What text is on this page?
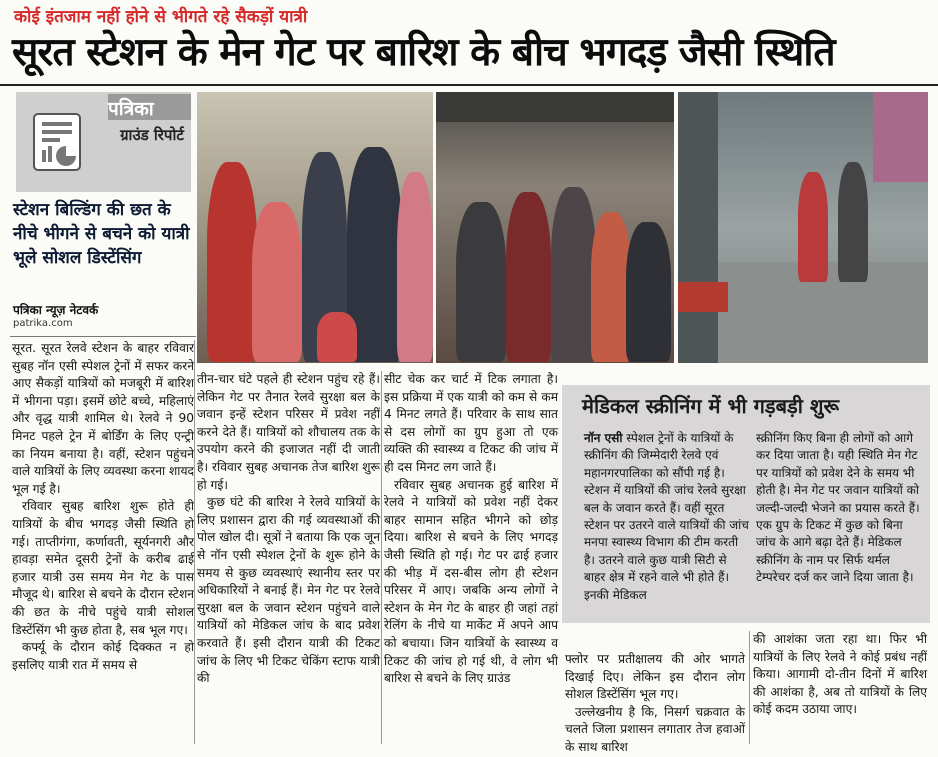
कोई इंतजाम नहीं होने से भीगते रहे सैकड़ों यात्री
सूरत स्टेशन के मेन गेट पर बारिश के बीच भगदड़ जैसी स्थिति
पत्रिका
ग्राउंड रिपोर्ट
स्टेशन बिल्डिंग की छत के नीचे भीगने से बचने को यात्री भूले सोशल डिस्टेंसिंग
पत्रिका न्यूज़ नेटवर्क
patrika.com

सूरत. सूरत रेलवे स्टेशन के बाहर रविवार सुबह नॉन एसी स्पेशल ट्रेनों में सफर करने आए सैकड़ों यात्रियों को मजबूरी में बारिश में भीगना पड़ा। इसमें छोटे बच्चे, महिलाएं और वृद्ध यात्री शामिल थे। रेलवे ने 90 मिनट पहले ट्रेन में बोर्डिंग के लिए एन्ट्री का नियम बनाया है। वहीं, स्टेशन पहुंचने वाले यात्रियों के लिए व्यवस्था करना शायद भूल गई है।

रविवार सुबह बारिश शुरू होते ही यात्रियों के बीच भगदड़ जैसी स्थिति हो गई। ताप्तीगंगा, कर्णावती, सूर्यनगरी और हावड़ा समेत दूसरी ट्रेनों के करीब ढाई हजार यात्री उस समय मेन गेट के पास मौजूद थे। बारिश से बचने के दौरान स्टेशन की छत के नीचे पहुंचे यात्री सोशल डिस्टेंसिंग भी कुछ होता है, सब भूल गए।

कर्फ्यू के दौरान कोई दिक्कत न हो इसलिए यात्री रात में समय से

तीन-चार घंटे पहले ही स्टेशन पहुंच रहे हैं। लेकिन गेट पर तैनात रेलवे सुरक्षा बल के जवान इन्हें स्टेशन परिसर में प्रवेश नहीं करने देते हैं। यात्रियों को शौचालय तक के उपयोग करने की इजाजत नहीं दी जाती है। रविवार सुबह अचानक तेज बारिश शुरू हो गई।

कुछ घंटे की बारिश ने रेलवे यात्रियों के लिए प्रशासन द्वारा की गई व्यवस्थाओं की पोल खोल दी। सूत्रों ने बताया कि एक जून से नॉन एसी स्पेशल ट्रेनों के शुरू होने के समय से कुछ व्यवस्थाएं स्थानीय स्तर पर अधिकारियों ने बनाई हैं। मेन गेट पर रेलवे सुरक्षा बल के जवान स्टेशन पहुंचने वाले यात्रियों को मेडिकल जांच के बाद प्रवेश करवाते हैं। इसी दौरान यात्री की टिकट जांच के लिए भी टिकट चेकिंग स्टाफ यात्री की

सीट चेक कर चार्ट में टिक लगाता है। इस प्रक्रिया में एक यात्री को कम से कम 4 मिनट लगते हैं। परिवार के साथ सात से दस लोगों का ग्रुप हुआ तो एक व्यक्ति की स्वास्थ्य व टिकट की जांच में ही दस मिनट लग जाते हैं।

रविवार सुबह अचानक हुई बारिश में रेलवे ने यात्रियों को प्रवेश नहीं देकर बाहर सामान सहित भीगने को छोड़ दिया। बारिश से बचने के लिए भगदड़ जैसी स्थिति हो गई। गेट पर ढाई हजार की भीड़ में दस-बीस लोग ही स्टेशन परिसर में आए। जबकि अन्य लोगों ने स्टेशन के मेन गेट के बाहर ही जहां तहां रेलिंग के नीचे या मार्केट में अपने आप को बचाया। जिन यात्रियों के स्वास्थ्य व टिकट की जांच हो गई थी, वे लोग भी बारिश से बचने के लिए ग्राउंड

मेडिकल स्क्रीनिंग में भी गड़बड़ी शुरू
नॉन एसी स्पेशल ट्रेनों के यात्रियों के स्क्रीनिंग की जिम्मेदारी रेलवे एवं महानगरपालिका को सौंपी गई है। स्टेशन में यात्रियों की जांच रेलवे सुरक्षा बल के जवान करते हैं। वहीं सूरत स्टेशन पर उतरने वाले यात्रियों की जांच मनपा स्वास्थ्य विभाग की टीम करती है। उतरने वाले कुछ यात्री सिटी से बाहर क्षेत्र में रहने वाले भी होते हैं। इनकी मेडिकल
स्क्रीनिंग किए बिना ही लोगों को आगे कर दिया जाता है। यही स्थिति मेन गेट पर यात्रियों को प्रवेश देने के समय भी होती है। मेन गेट पर जवान यात्रियों को जल्दी-जल्दी भेजने का प्रयास करते हैं। एक ग्रुप के टिकट में कुछ को बिना जांच के आगे बढ़ा देते हैं। मेडिकल स्क्रीनिंग के नाम पर सिर्फ थर्मल टेम्परेचर दर्ज कर जाने दिया जाता है।

फ्लोर पर प्रतीक्षालय की ओर भागते दिखाई दिए। लेकिन इस दौरान लोग सोशल डिस्टेंसिंग भूल गए।

उल्लेखनीय है कि, निसर्ग चक्रवात के चलते जिला प्रशासन लगातार तेज हवाओं के साथ बारिश

की आशंका जता रहा था। फिर भी यात्रियों के लिए रेलवे ने कोई प्रबंध नहीं किया। आगामी दो-तीन दिनों में बारिश की आशंका है, अब तो यात्रियों के लिए कोई कदम उठाया जाए।
